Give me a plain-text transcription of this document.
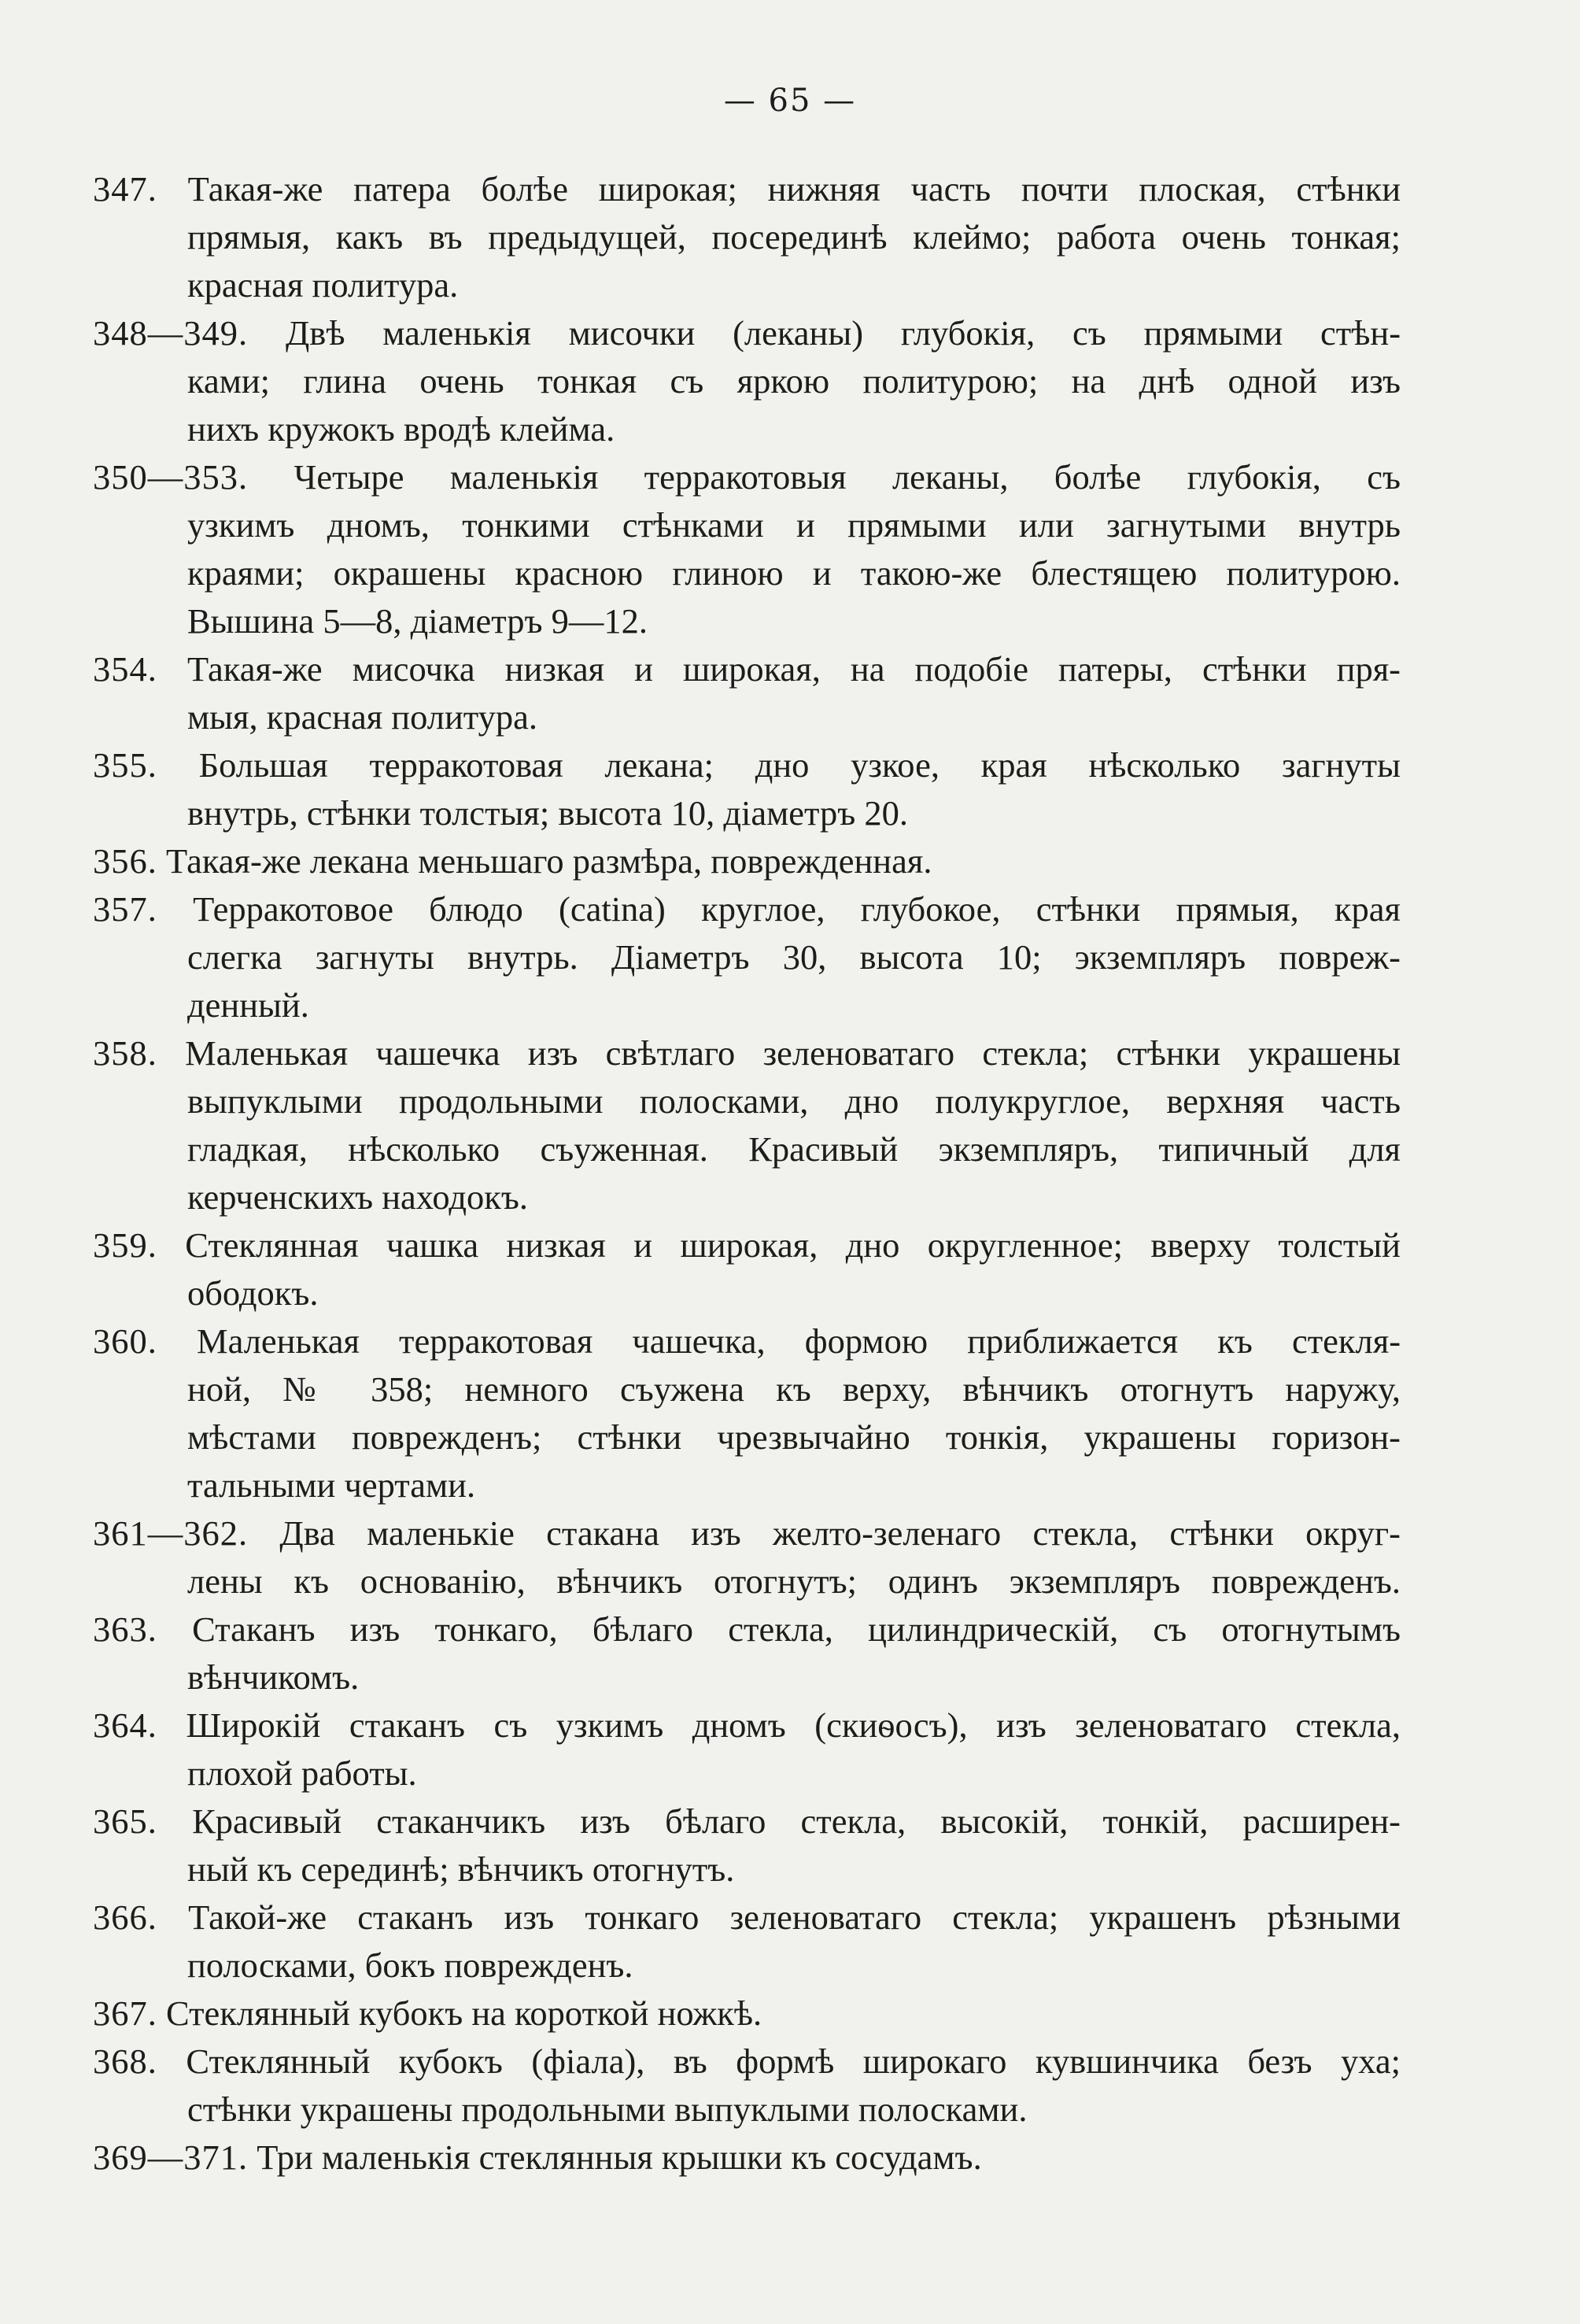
— 65 —
347. Такая-же патера болѣе широкая; нижняя часть почти плоская, стѣнки
прямыя, какъ въ предыдущей, посерединѣ клеймо; работа очень тонкая;
красная политура.
348—349. Двѣ маленькія мисочки (леканы) глубокія, съ прямыми стѣн-
ками; глина очень тонкая съ яркою политурою; на днѣ одной изъ
нихъ кружокъ вродѣ клейма.
350—353. Четыре маленькія терракотовыя леканы, болѣе глубокія, съ
узкимъ дномъ, тонкими стѣнками и прямыми или загнутыми внутрь
краями; окрашены красною глиною и такою-же блестящею политурою.
Вышина 5—8, діаметръ 9—12.
354. Такая-же мисочка низкая и широкая, на подобіе патеры, стѣнки пря-
мыя, красная политура.
355. Большая терракотовая лекана; дно узкое, края нѣсколько загнуты
внутрь, стѣнки толстыя; высота 10, діаметръ 20.
356. Такая-же лекана меньшаго размѣра, поврежденная.
357. Терракотовое блюдо (catina) круглое, глубокое, стѣнки прямыя, края
слегка загнуты внутрь. Діаметръ 30, высота 10; экземпляръ повреж-
денный.
358. Маленькая чашечка изъ свѣтлаго зеленоватаго стекла; стѣнки украшены
выпуклыми продольными полосками, дно полукруглое, верхняя часть
гладкая, нѣсколько съуженная. Красивый экземпляръ, типичный для
керченскихъ находокъ.
359. Стеклянная чашка низкая и широкая, дно округленное; вверху толстый
ободокъ.
360. Маленькая терракотовая чашечка, формою приближается къ стекля-
ной, № 358; немного съужена къ верху, вѣнчикъ отогнутъ наружу,
мѣстами поврежденъ; стѣнки чрезвычайно тонкія, украшены горизон-
тальными чертами.
361—362. Два маленькіе стакана изъ желто-зеленаго стекла, стѣнки округ-
лены къ основанію, вѣнчикъ отогнутъ; одинъ экземпляръ поврежденъ.
363. Стаканъ изъ тонкаго, бѣлаго стекла, цилиндрическій, съ отогнутымъ
вѣнчикомъ.
364. Широкій стаканъ съ узкимъ дномъ (скиѳосъ), изъ зеленоватаго стекла,
плохой работы.
365. Красивый стаканчикъ изъ бѣлаго стекла, высокій, тонкій, расширен-
ный къ серединѣ; вѣнчикъ отогнутъ.
366. Такой-же стаканъ изъ тонкаго зеленоватаго стекла; украшенъ рѣзными
полосками, бокъ поврежденъ.
367. Стеклянный кубокъ на короткой ножкѣ.
368. Стеклянный кубокъ (фіала), въ формѣ широкаго кувшинчика безъ уха;
стѣнки украшены продольными выпуклыми полосками.
369—371. Три маленькія стеклянныя крышки къ сосудамъ.
